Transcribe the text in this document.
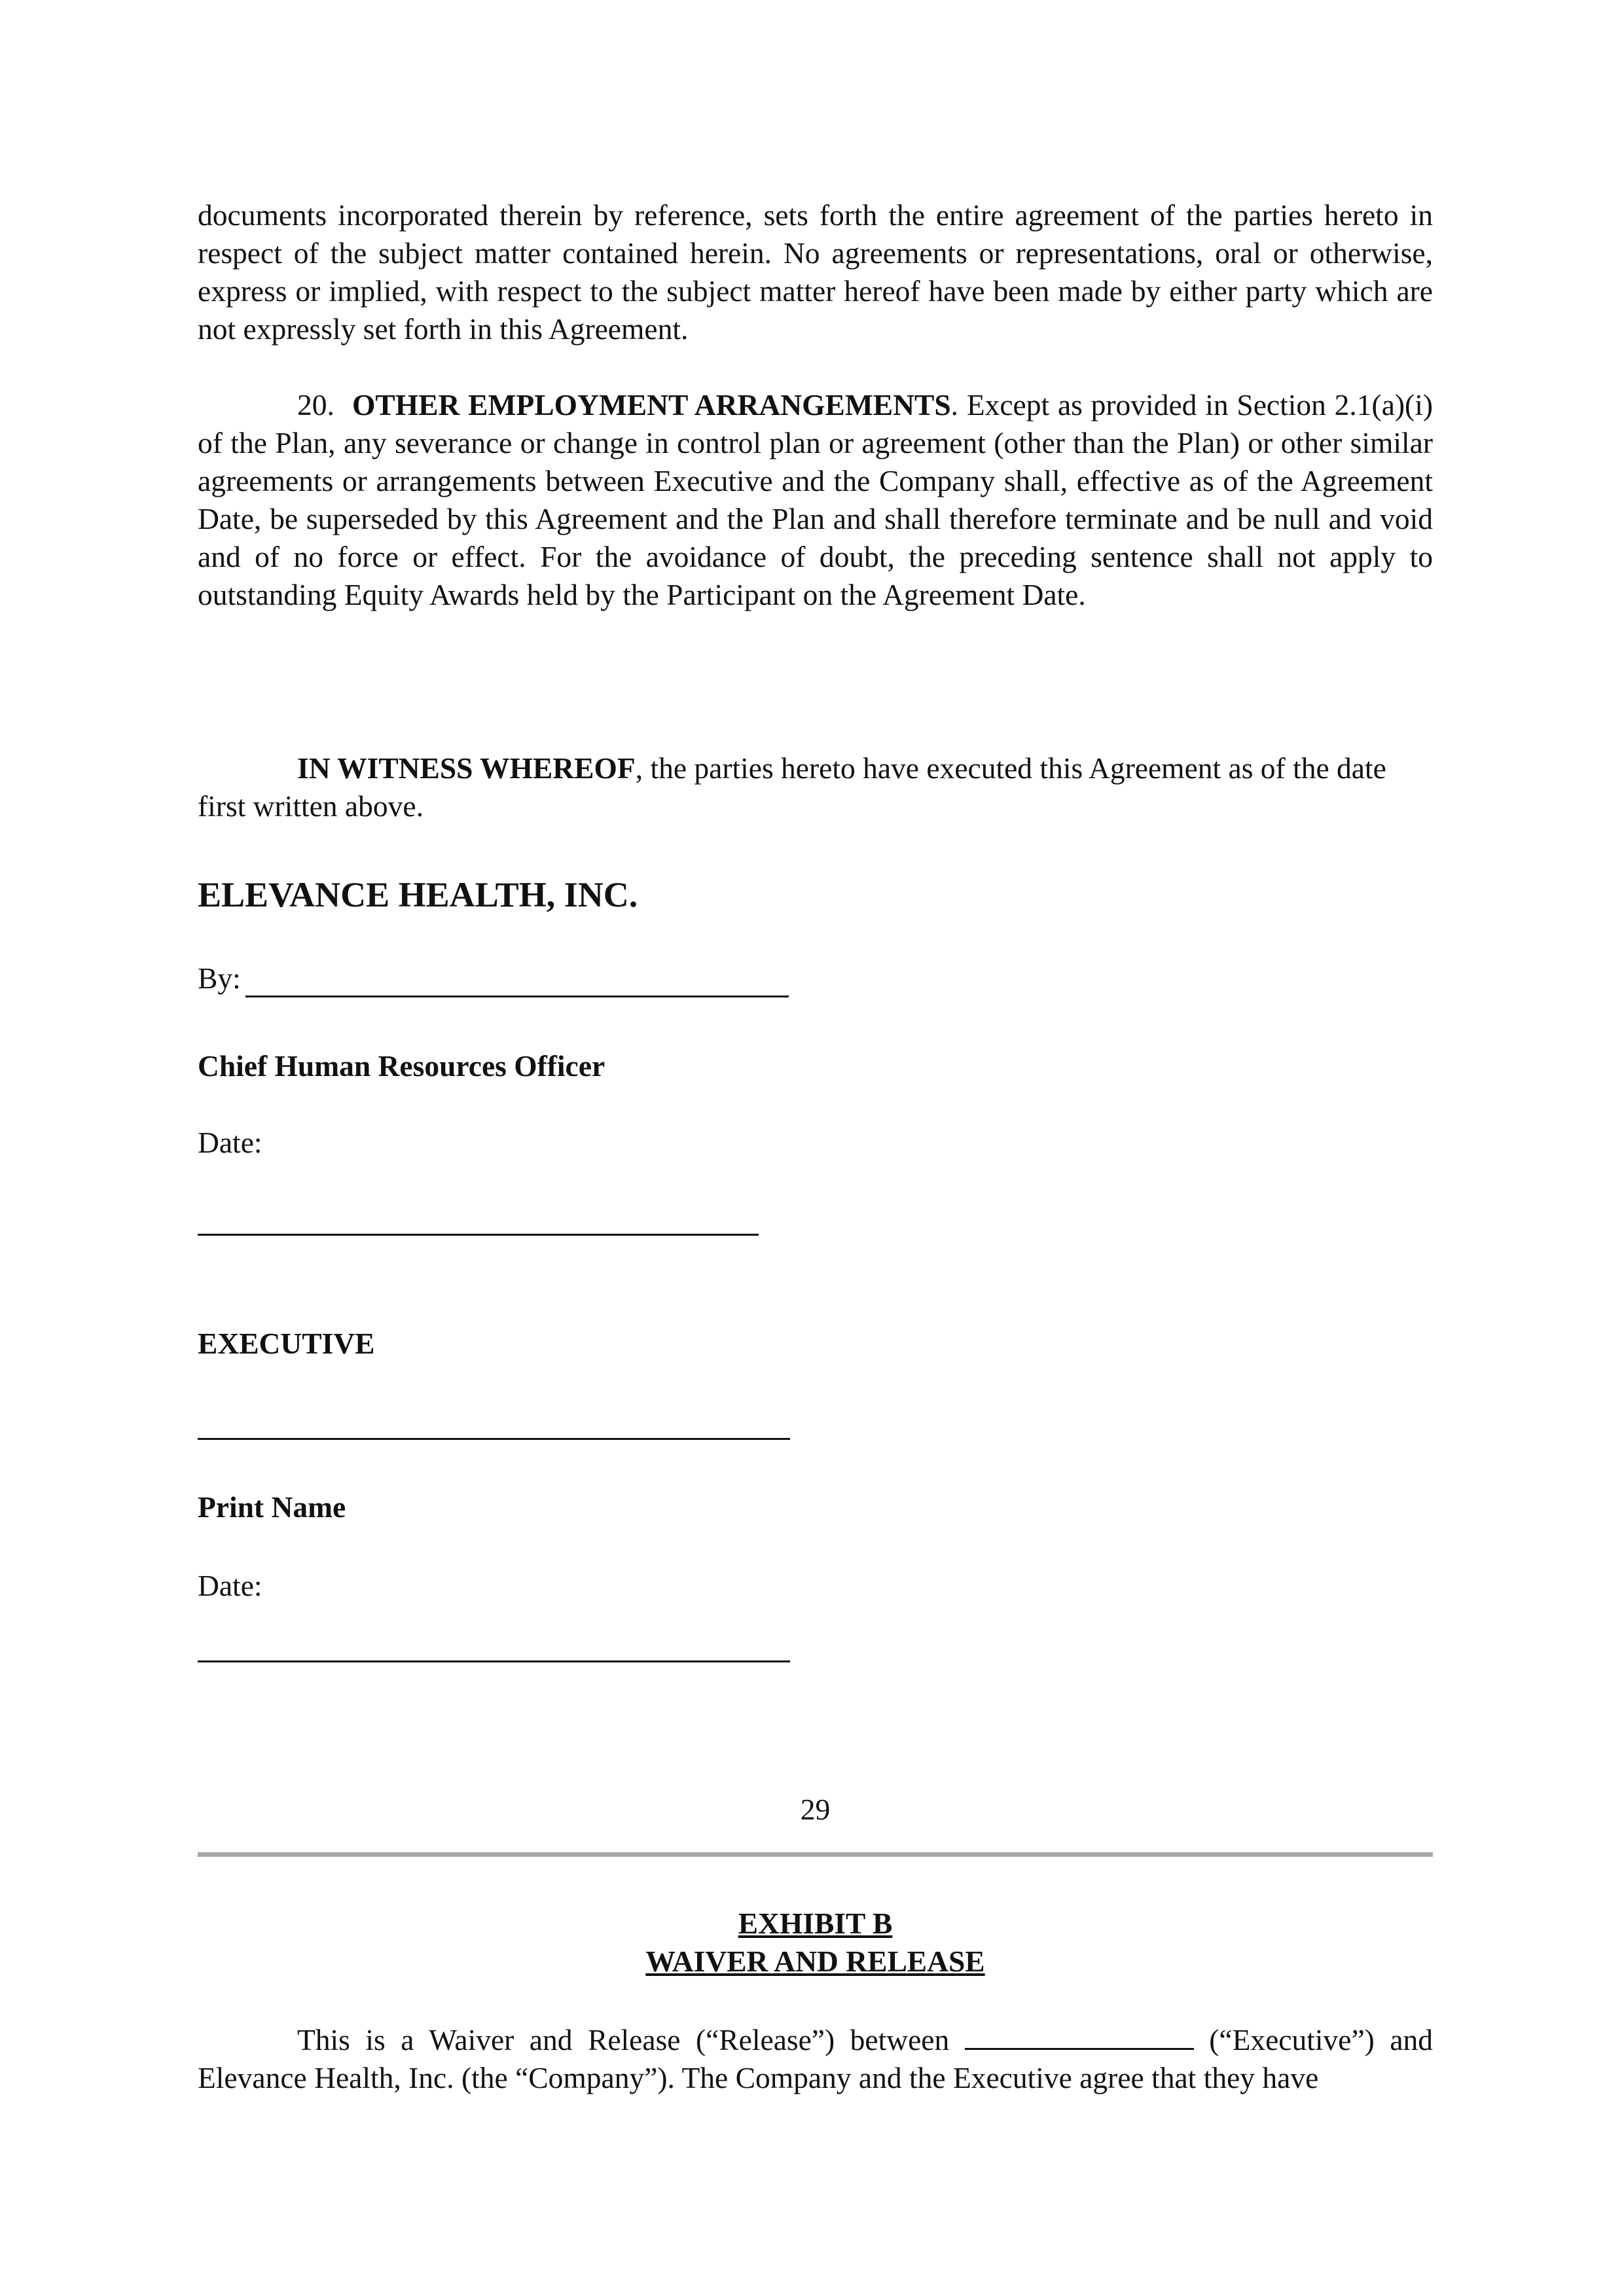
documents incorporated therein by reference, sets forth the entire agreement of the parties hereto in respect of the subject matter contained herein. No agreements or representations, oral or otherwise, express or implied, with respect to the subject matter hereof have been made by either party which are not expressly set forth in this Agreement.

20. OTHER EMPLOYMENT ARRANGEMENTS. Except as provided in Section 2.1(a)(i) of the Plan, any severance or change in control plan or agreement (other than the Plan) or other similar agreements or arrangements between Executive and the Company shall, effective as of the Agreement Date, be superseded by this Agreement and the Plan and shall therefore terminate and be null and void and of no force or effect. For the avoidance of doubt, the preceding sentence shall not apply to outstanding Equity Awards held by the Participant on the Agreement Date.

IN WITNESS WHEREOF, the parties hereto have executed this Agreement as of the date first written above.

ELEVANCE HEALTH, INC.
By:
Chief Human Resources Officer
Date:
EXECUTIVE
Print Name
Date:
29
EXHIBIT B
WAIVER AND RELEASE

This is a Waiver and Release (“Release”) between	(“Executive”) and Elevance Health, Inc. (the “Company”). The Company and the Executive agree that they have
